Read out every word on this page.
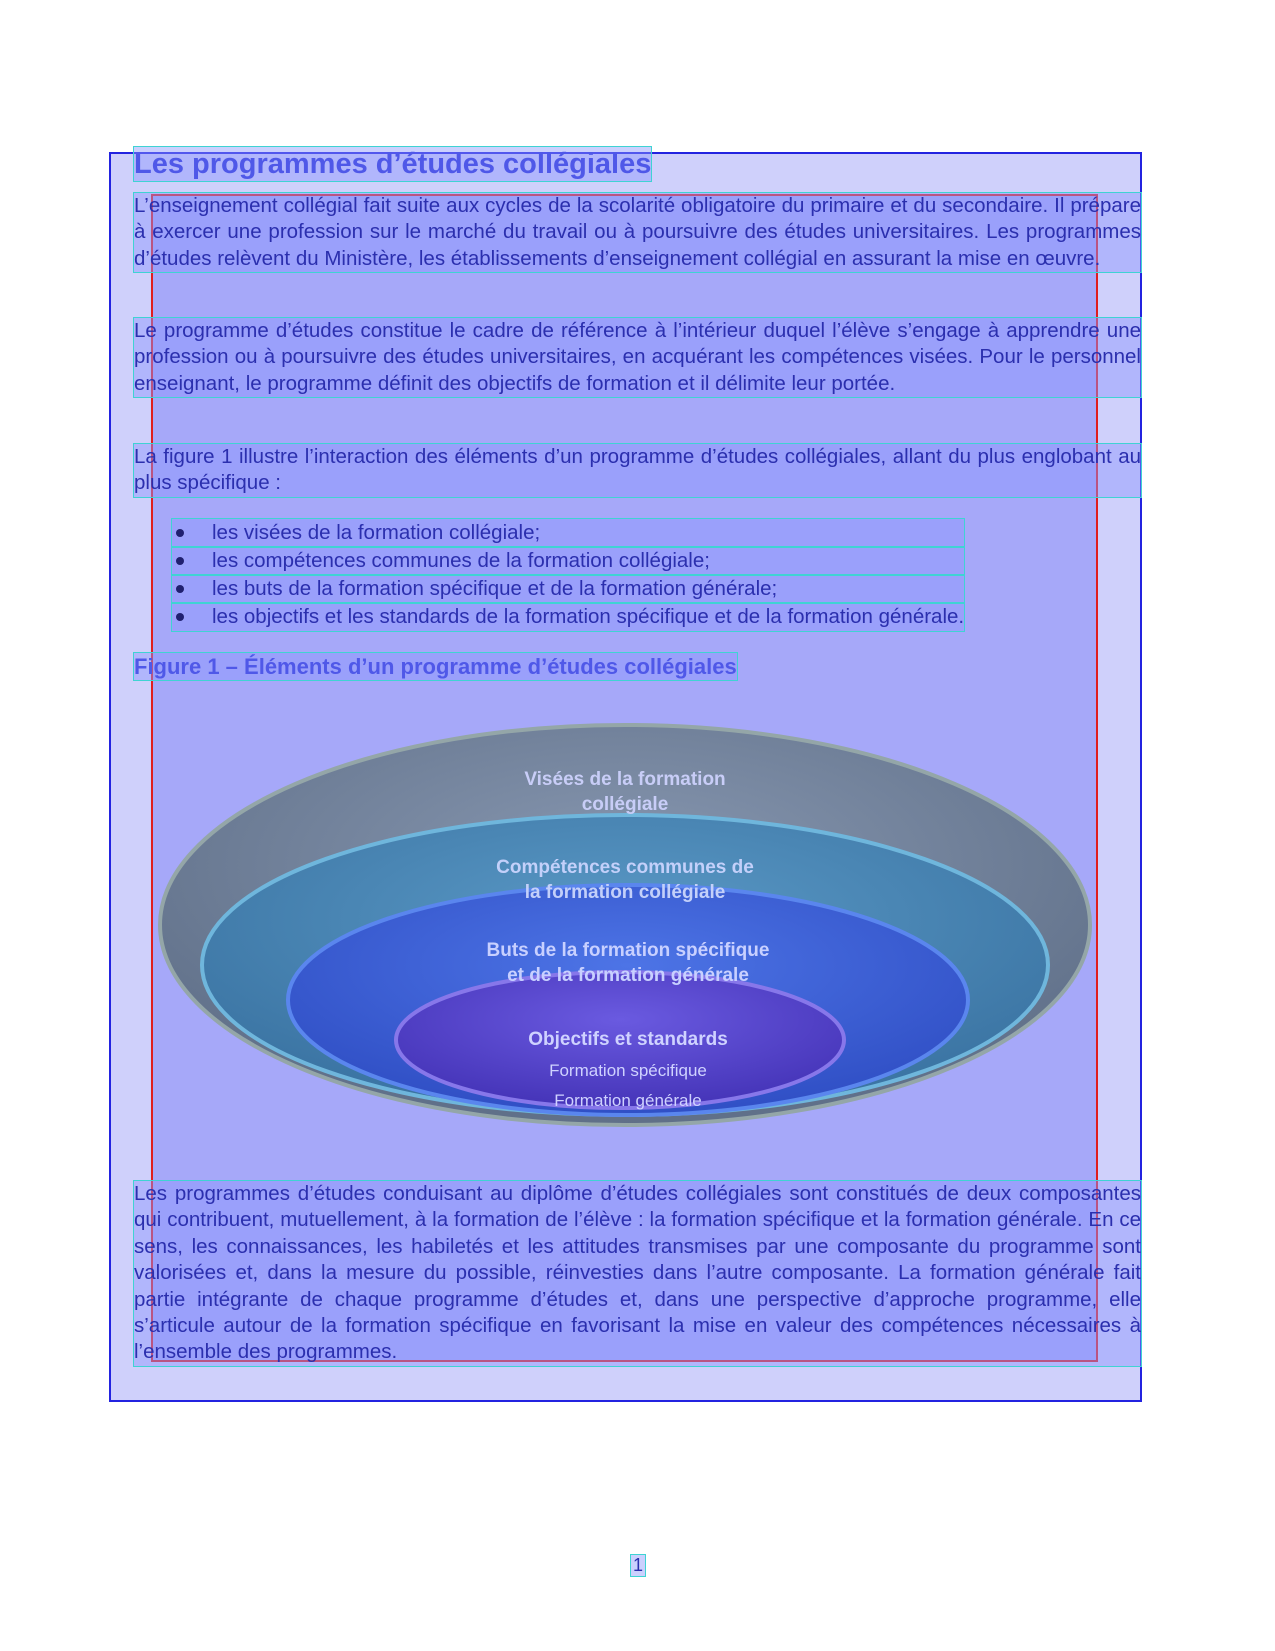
Les programmes d’études collégiales

L’enseignement collégial fait suite aux cycles de la scolarité obligatoire du primaire et du secondaire. Il prépare à exercer une profession sur le marché du travail ou à poursuivre des études universitaires. Les programmes d’études relèvent du Ministère, les établissements d’enseignement collégial en assurant la mise en œuvre.

Le programme d’études constitue le cadre de référence à l’intérieur duquel l’élève s’engage à apprendre une profession ou à poursuivre des études universitaires, en acquérant les compétences visées. Pour le personnel enseignant, le programme définit des objectifs de formation et il délimite leur portée.

La figure 1 illustre l’interaction des éléments d’un programme d’études collégiales, allant du plus englobant au plus spécifique :

les visées de la formation collégiale;
les compétences communes de la formation collégiale;
les buts de la formation spécifique et de la formation générale;
les objectifs et les standards de la formation spécifique et de la formation générale.

Figure 1 – Éléments d’un programme d’études collégiales

Visées de la formation
collégiale
Compétences communes de
la formation collégiale
Buts de la formation spécifique
et de la formation générale
Objectifs et standards
Formation spécifique
Formation générale

Les programmes d’études conduisant au diplôme d’études collégiales sont constitués de deux composantes qui contribuent, mutuellement, à la formation de l’élève : la formation spécifique et la formation générale. En ce sens, les connaissances, les habiletés et les attitudes transmises par une composante du programme sont valorisées et, dans la mesure du possible, réinvesties dans l’autre composante. La formation générale fait partie intégrante de chaque programme d’études et, dans une perspective d’approche programme, elle s’articule autour de la formation spécifique en favorisant la mise en valeur des compétences nécessaires à l’ensemble des programmes.

1
